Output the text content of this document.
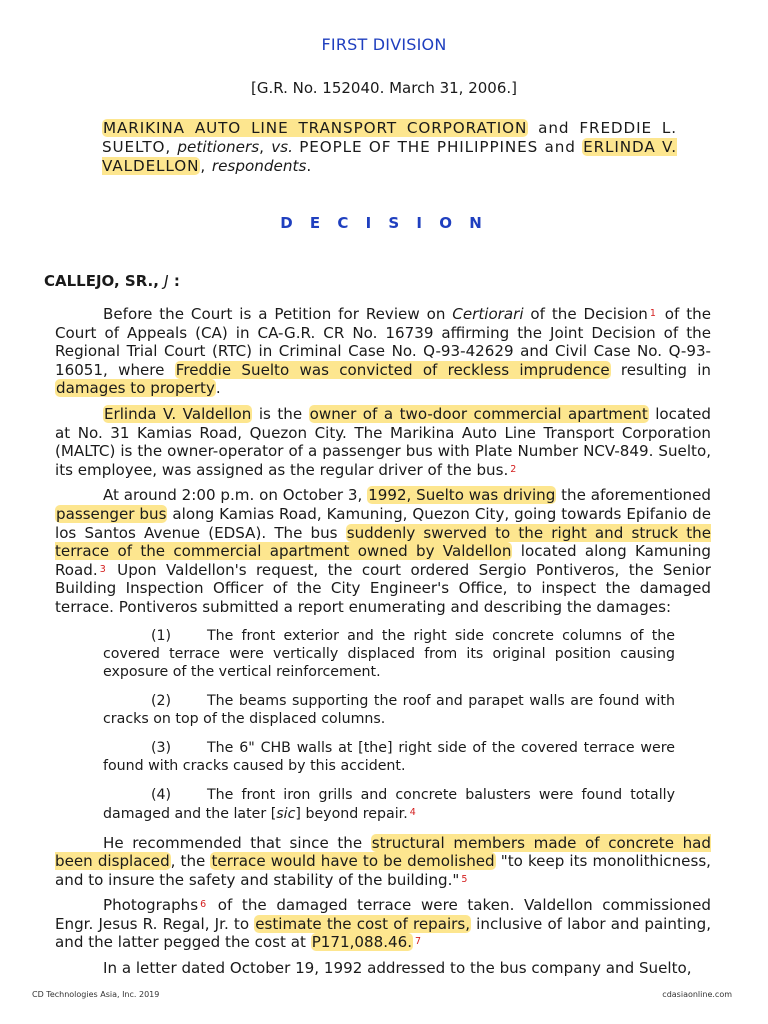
FIRST DIVISION
[G.R. No. 152040. March 31, 2006.]
MARIKINA AUTO LINE TRANSPORT CORPORATION and FREDDIE L. SUELTO, petitioners, vs. PEOPLE OF THE PHILIPPINES and ERLINDA V. VALDELLON, respondents.
D E C I S I O N
CALLEJO, SR., J :

Before the Court is a Petition for Review on Certiorari of the Decision 1 of the Court of Appeals (CA) in CA-G.R. CR No. 16739 affirming the Joint Decision of the Regional Trial Court (RTC) in Criminal Case No. Q-93-42629 and Civil Case No. Q-93-16051, where Freddie Suelto was convicted of reckless imprudence resulting in damages to property.

Erlinda V. Valdellon is the owner of a two-door commercial apartment located at No. 31 Kamias Road, Quezon City. The Marikina Auto Line Transport Corporation (MALTC) is the owner-operator of a passenger bus with Plate Number NCV-849. Suelto, its employee, was assigned as the regular driver of the bus. 2

At around 2:00 p.m. on October 3, 1992, Suelto was driving the aforementioned passenger bus along Kamias Road, Kamuning, Quezon City, going towards Epifanio de los Santos Avenue (EDSA). The bus suddenly swerved to the right and struck the terrace of the commercial apartment owned by Valdellon located along Kamuning Road. 3 Upon Valdellon's request, the court ordered Sergio Pontiveros, the Senior Building Inspection Officer of the City Engineer's Office, to inspect the damaged terrace. Pontiveros submitted a report enumerating and describing the damages:

(1)	The front exterior and the right side concrete columns of the covered terrace were vertically displaced from its original position causing exposure of the vertical reinforcement.
(2)	The beams supporting the roof and parapet walls are found with cracks on top of the displaced columns.
(3)	The 6" CHB walls at [the] right side of the covered terrace were found with cracks caused by this accident.
(4)	The front iron grills and concrete balusters were found totally damaged and the later [sic] beyond repair. $^4$

He recommended that since the structural members made of concrete had been displaced, the terrace would have to be demolished "to keep its monolithicness, and to insure the safety and stability of the building." 5

Photographs 6 of the damaged terrace were taken. Valdellon commissioned Engr. Jesus R. Regal, Jr. to estimate the cost of repairs, inclusive of labor and painting, and the latter pegged the cost at P171,088.46. 7

In a letter dated October 19, 1992 addressed to the bus company and Suelto,

CD Technologies Asia, Inc. 2019	cdasiaonline.com
